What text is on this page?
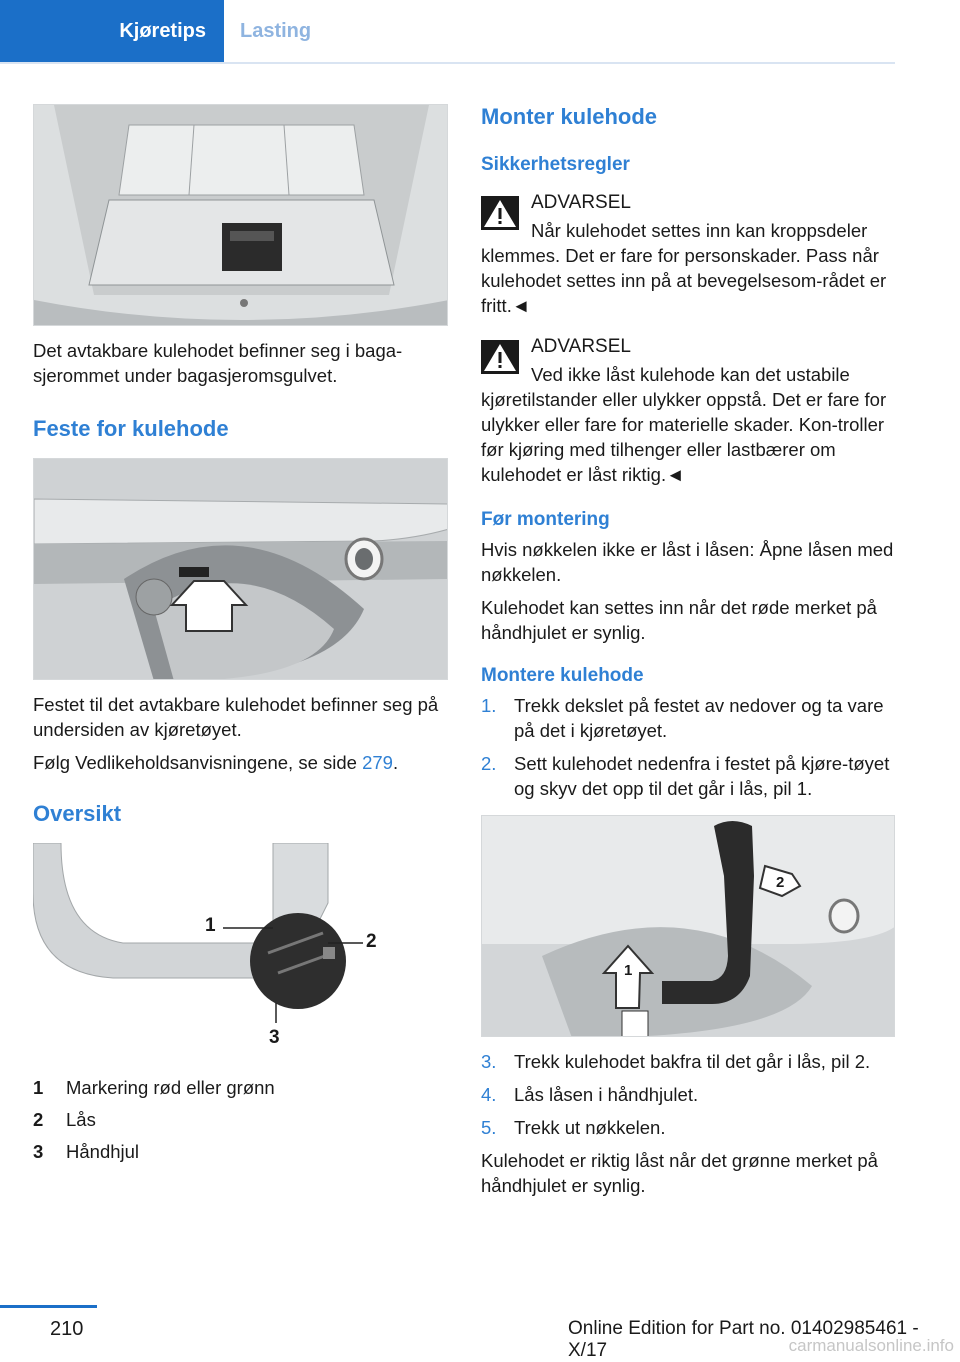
Kjøretips Lasting

Det avtakbare kulehodet befinner seg i baga-sjerommet under bagasjeromsgulvet.

Feste for kulehode

Festet til det avtakbare kulehodet befinner seg på undersiden av kjøretøyet.

Følg Vedlikeholdsanvisningene, se side 279.

Oversikt

1
2
3
1 Markering rød eller grønn
2 Lås
3 Håndhjul

Monter kulehode

Sikkerhetsregler

ADVARSEL

Når kulehodet settes inn kan kroppsdeler klemmes. Det er fare for personskader. Pass når kulehodet settes inn på at bevegelsesom-rådet er fritt.◄

ADVARSEL

Ved ikke låst kulehode kan det ustabile kjøretilstander eller ulykker oppstå. Det er fare for ulykker eller fare for materielle skader. Kon-troller før kjøring med tilhenger eller lastbærer om kulehodet er låst riktig.◄

Før montering

Hvis nøkkelen ikke er låst i låsen: Åpne låsen med nøkkelen.

Kulehodet kan settes inn når det røde merket på håndhjulet er synlig.

Montere kulehode

1. Trekk dekslet på festet av nedover og ta vare på det i kjøretøyet.
2. Sett kulehodet nedenfra i festet på kjøre-tøyet og skyv det opp til det går i lås, pil 1.
1
2
3. Trekk kulehodet bakfra til det går i lås, pil 2.
4. Lås låsen i håndhjulet.
5. Trekk ut nøkkelen.

Kulehodet er riktig låst når det grønne merket på håndhjulet er synlig.

210	Online Edition for Part no. 01402985461 - X/17	carmanualsonline.info
